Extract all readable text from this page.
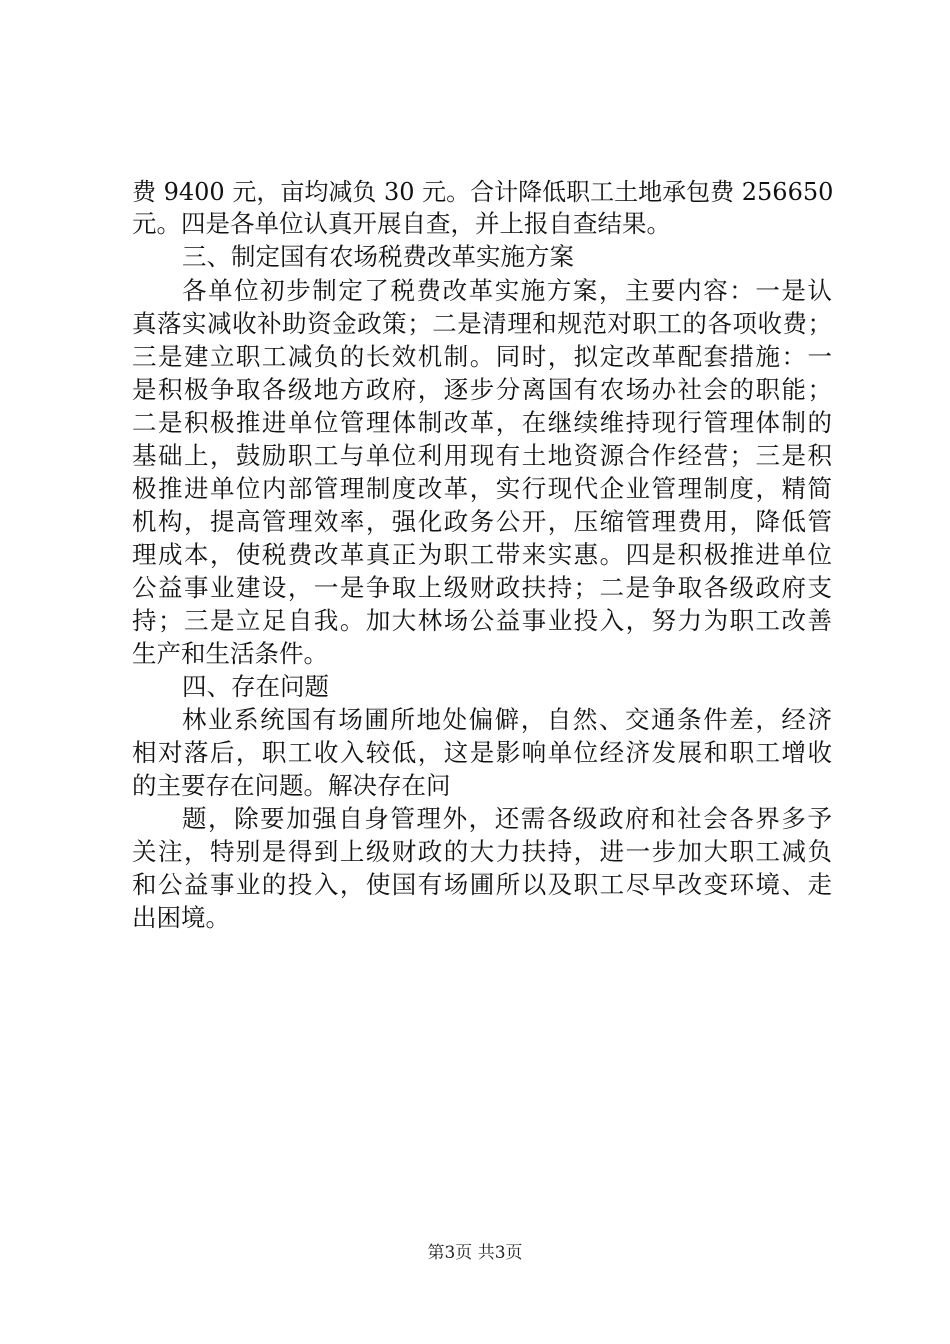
费 9400 元，亩均减负 30 元。合计降低职工土地承包费 256650
元。四是各单位认真开展自查，并上报自查结果。
三、制定国有农场税费改革实施方案
各单位初步制定了税费改革实施方案，主要内容：一是认
真落实减收补助资金政策；二是清理和规范对职工的各项收费；
三是建立职工减负的长效机制。同时，拟定改革配套措施：一
是积极争取各级地方政府，逐步分离国有农场办社会的职能；
二是积极推进单位管理体制改革，在继续维持现行管理体制的
基础上，鼓励职工与单位利用现有土地资源合作经营；三是积
极推进单位内部管理制度改革，实行现代企业管理制度，精简
机构，提高管理效率，强化政务公开，压缩管理费用，降低管
理成本，使税费改革真正为职工带来实惠。四是积极推进单位
公益事业建设，一是争取上级财政扶持；二是争取各级政府支
持；三是立足自我。加大林场公益事业投入，努力为职工改善
生产和生活条件。
四、存在问题
林业系统国有场圃所地处偏僻，自然、交通条件差，经济
相对落后，职工收入较低，这是影响单位经济发展和职工增收
的主要存在问题。解决存在问
题，除要加强自身管理外，还需各级政府和社会各界多予
关注，特别是得到上级财政的大力扶持，进一步加大职工减负
和公益事业的投入，使国有场圃所以及职工尽早改变环境、走
出困境。
第3页 共3页
